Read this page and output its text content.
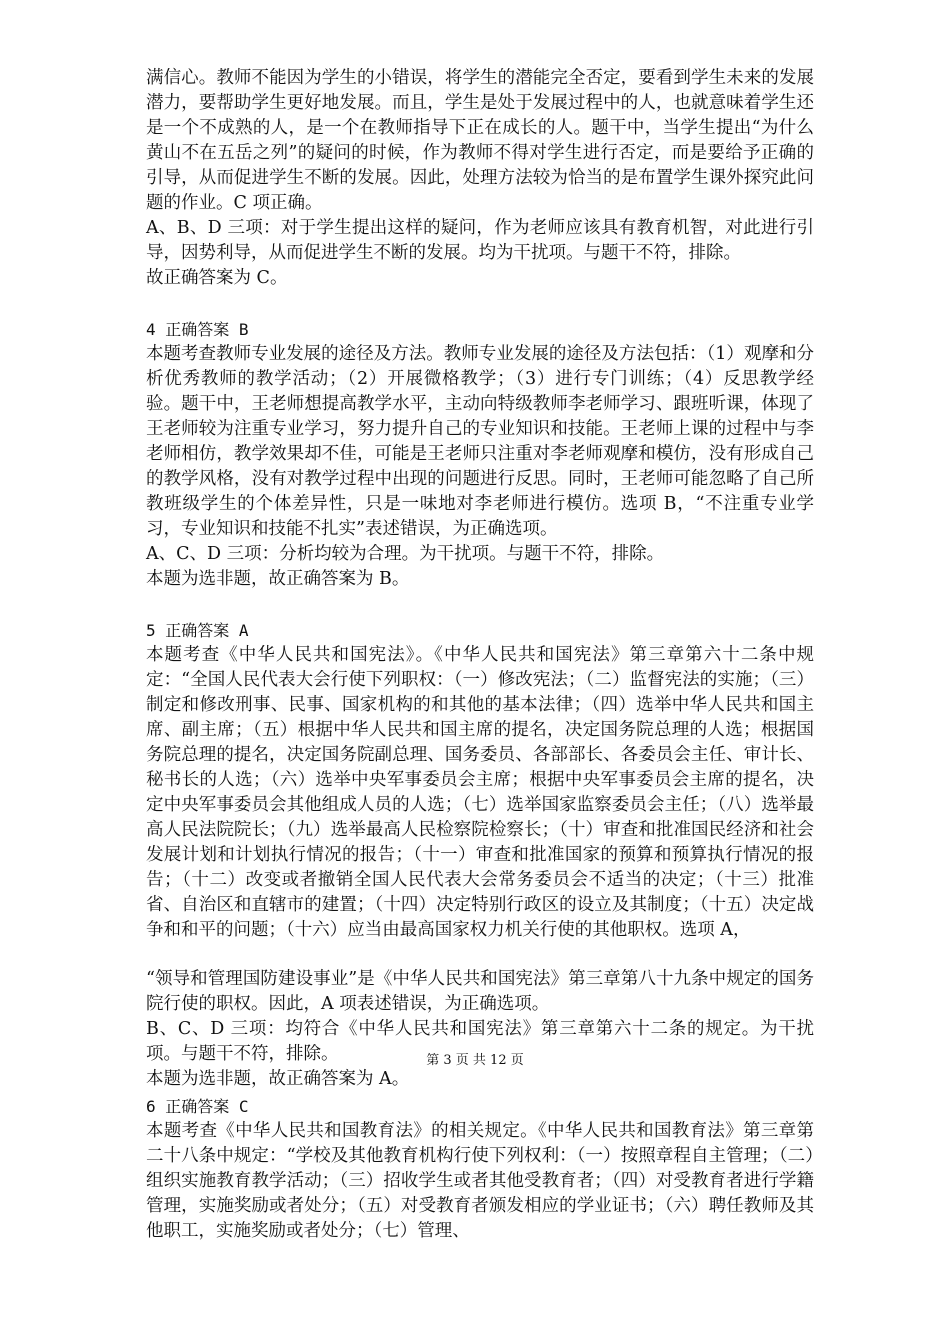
满信心。教师不能因为学生的小错误，将学生的潜能完全否定，要看到学生未来的发展潜力，要帮助学生更好地发展。而且，学生是处于发展过程中的人，也就意味着学生还是一个不成熟的人，是一个在教师指导下正在成长的人。题干中，当学生提出“为什么黄山不在五岳之列”的疑问的时候，作为教师不得对学生进行否定，而是要给予正确的引导，从而促进学生不断的发展。因此，处理方法较为恰当的是布置学生课外探究此问题的作业。C 项正确。

A、B、D 三项：对于学生提出这样的疑问，作为老师应该具有教育机智，对此进行引导，因势利导，从而促进学生不断的发展。均为干扰项。与题干不符，排除。

故正确答案为 C。

4 正确答案 B

本题考查教师专业发展的途径及方法。教师专业发展的途径及方法包括：（1）观摩和分析优秀教师的教学活动；（2）开展微格教学；（3）进行专门训练；（4）反思教学经验。题干中，王老师想提高教学水平，主动向特级教师李老师学习、跟班听课，体现了王老师较为注重专业学习，努力提升自己的专业知识和技能。王老师上课的过程中与李老师相仿，教学效果却不佳，可能是王老师只注重对李老师观摩和模仿，没有形成自己的教学风格，没有对教学过程中出现的问题进行反思。同时，王老师可能忽略了自己所教班级学生的个体差异性，只是一味地对李老师进行模仿。选项 B，“不注重专业学习，专业知识和技能不扎实”表述错误，为正确选项。

A、C、D 三项：分析均较为合理。为干扰项。与题干不符，排除。

本题为选非题，故正确答案为 B。

5 正确答案 A

本题考查《中华人民共和国宪法》。《中华人民共和国宪法》第三章第六十二条中规定：“全国人民代表大会行使下列职权：（一）修改宪法；（二）监督宪法的实施；（三）制定和修改刑事、民事、国家机构的和其他的基本法律；（四）选举中华人民共和国主席、副主席；（五）根据中华人民共和国主席的提名，决定国务院总理的人选；根据国务院总理的提名，决定国务院副总理、国务委员、各部部长、各委员会主任、审计长、秘书长的人选；（六）选举中央军事委员会主席；根据中央军事委员会主席的提名，决定中央军事委员会其他组成人员的人选；（七）选举国家监察委员会主任；（八）选举最高人民法院院长；（九）选举最高人民检察院检察长；（十）审查和批准国民经济和社会发展计划和计划执行情况的报告；（十一）审查和批准国家的预算和预算执行情况的报告；（十二）改变或者撤销全国人民代表大会常务委员会不适当的决定；（十三）批准省、自治区和直辖市的建置；（十四）决定特别行政区的设立及其制度；（十五）决定战争和和平的问题；（十六）应当由最高国家权力机关行使的其他职权。选项 A，

“领导和管理国防建设事业”是《中华人民共和国宪法》第三章第八十九条中规定的国务院行使的职权。因此，A 项表述错误，为正确选项。

B、C、D 三项：均符合《中华人民共和国宪法》第三章第六十二条的规定。为干扰项。与题干不符，排除。

本题为选非题，故正确答案为 A。

第 3 页 共 12 页

6 正确答案 C

本题考查《中华人民共和国教育法》的相关规定。《中华人民共和国教育法》第三章第二十八条中规定：“学校及其他教育机构行使下列权利：（一）按照章程自主管理；（二）组织实施教育教学活动；（三）招收学生或者其他受教育者；（四）对受教育者进行学籍管理，实施奖励或者处分；（五）对受教育者颁发相应的学业证书；（六）聘任教师及其他职工，实施奖励或者处分；（七）管理、
